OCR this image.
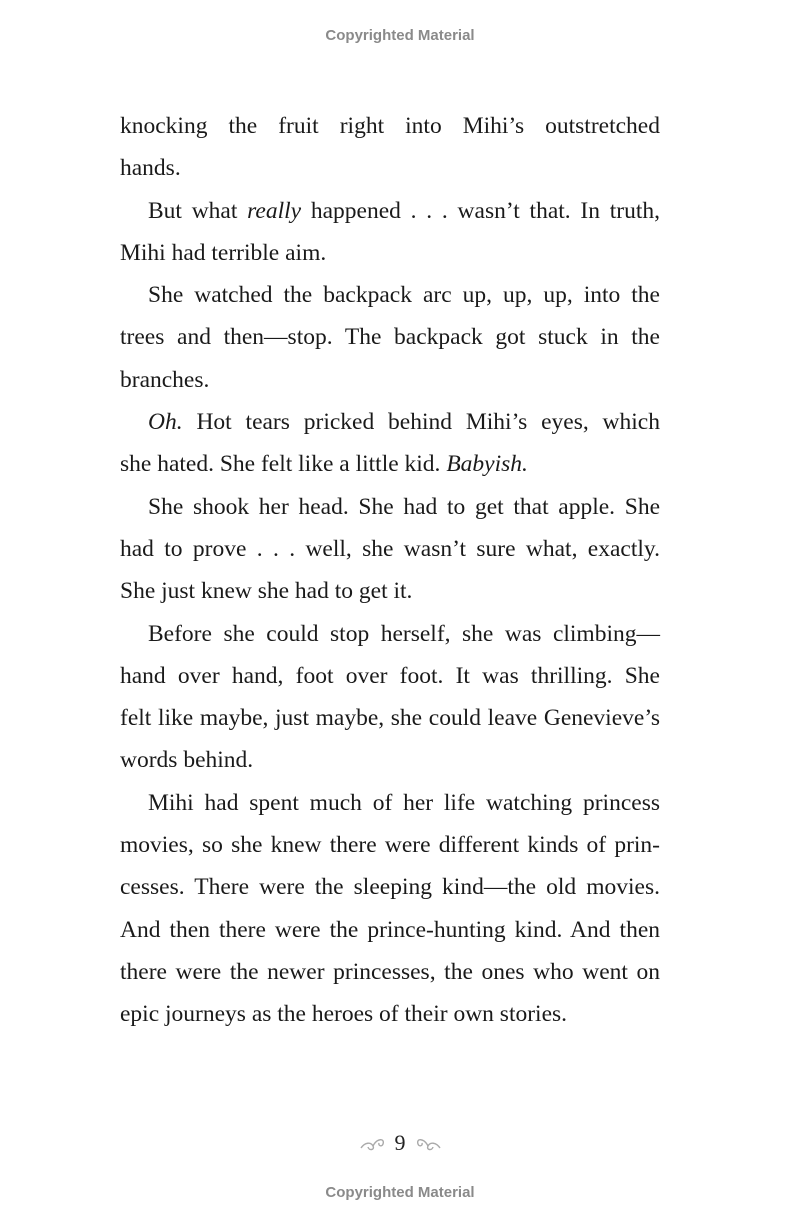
Copyrighted Material
knocking the fruit right into Mihi’s outstretched
hands.
But what really happened . . . wasn’t that. In truth,
Mihi had terrible aim.
She watched the backpack arc up, up, up, into the
trees and then—stop. The backpack got stuck in the
branches.
Oh. Hot tears pricked behind Mihi’s eyes, which
she hated. She felt like a little kid. Babyish.
She shook her head. She had to get that apple. She
had to prove . . . well, she wasn’t sure what, exactly.
She just knew she had to get it.
Before she could stop herself, she was climbing—
hand over hand, foot over foot. It was thrilling. She
felt like maybe, just maybe, she could leave Genevieve’s
words behind.
Mihi had spent much of her life watching princess
movies, so she knew there were different kinds of prin-
cesses. There were the sleeping kind—the old movies.
And then there were the prince-hunting kind. And then
there were the newer princesses, the ones who went on
epic journeys as the heroes of their own stories.
9
Copyrighted Material
